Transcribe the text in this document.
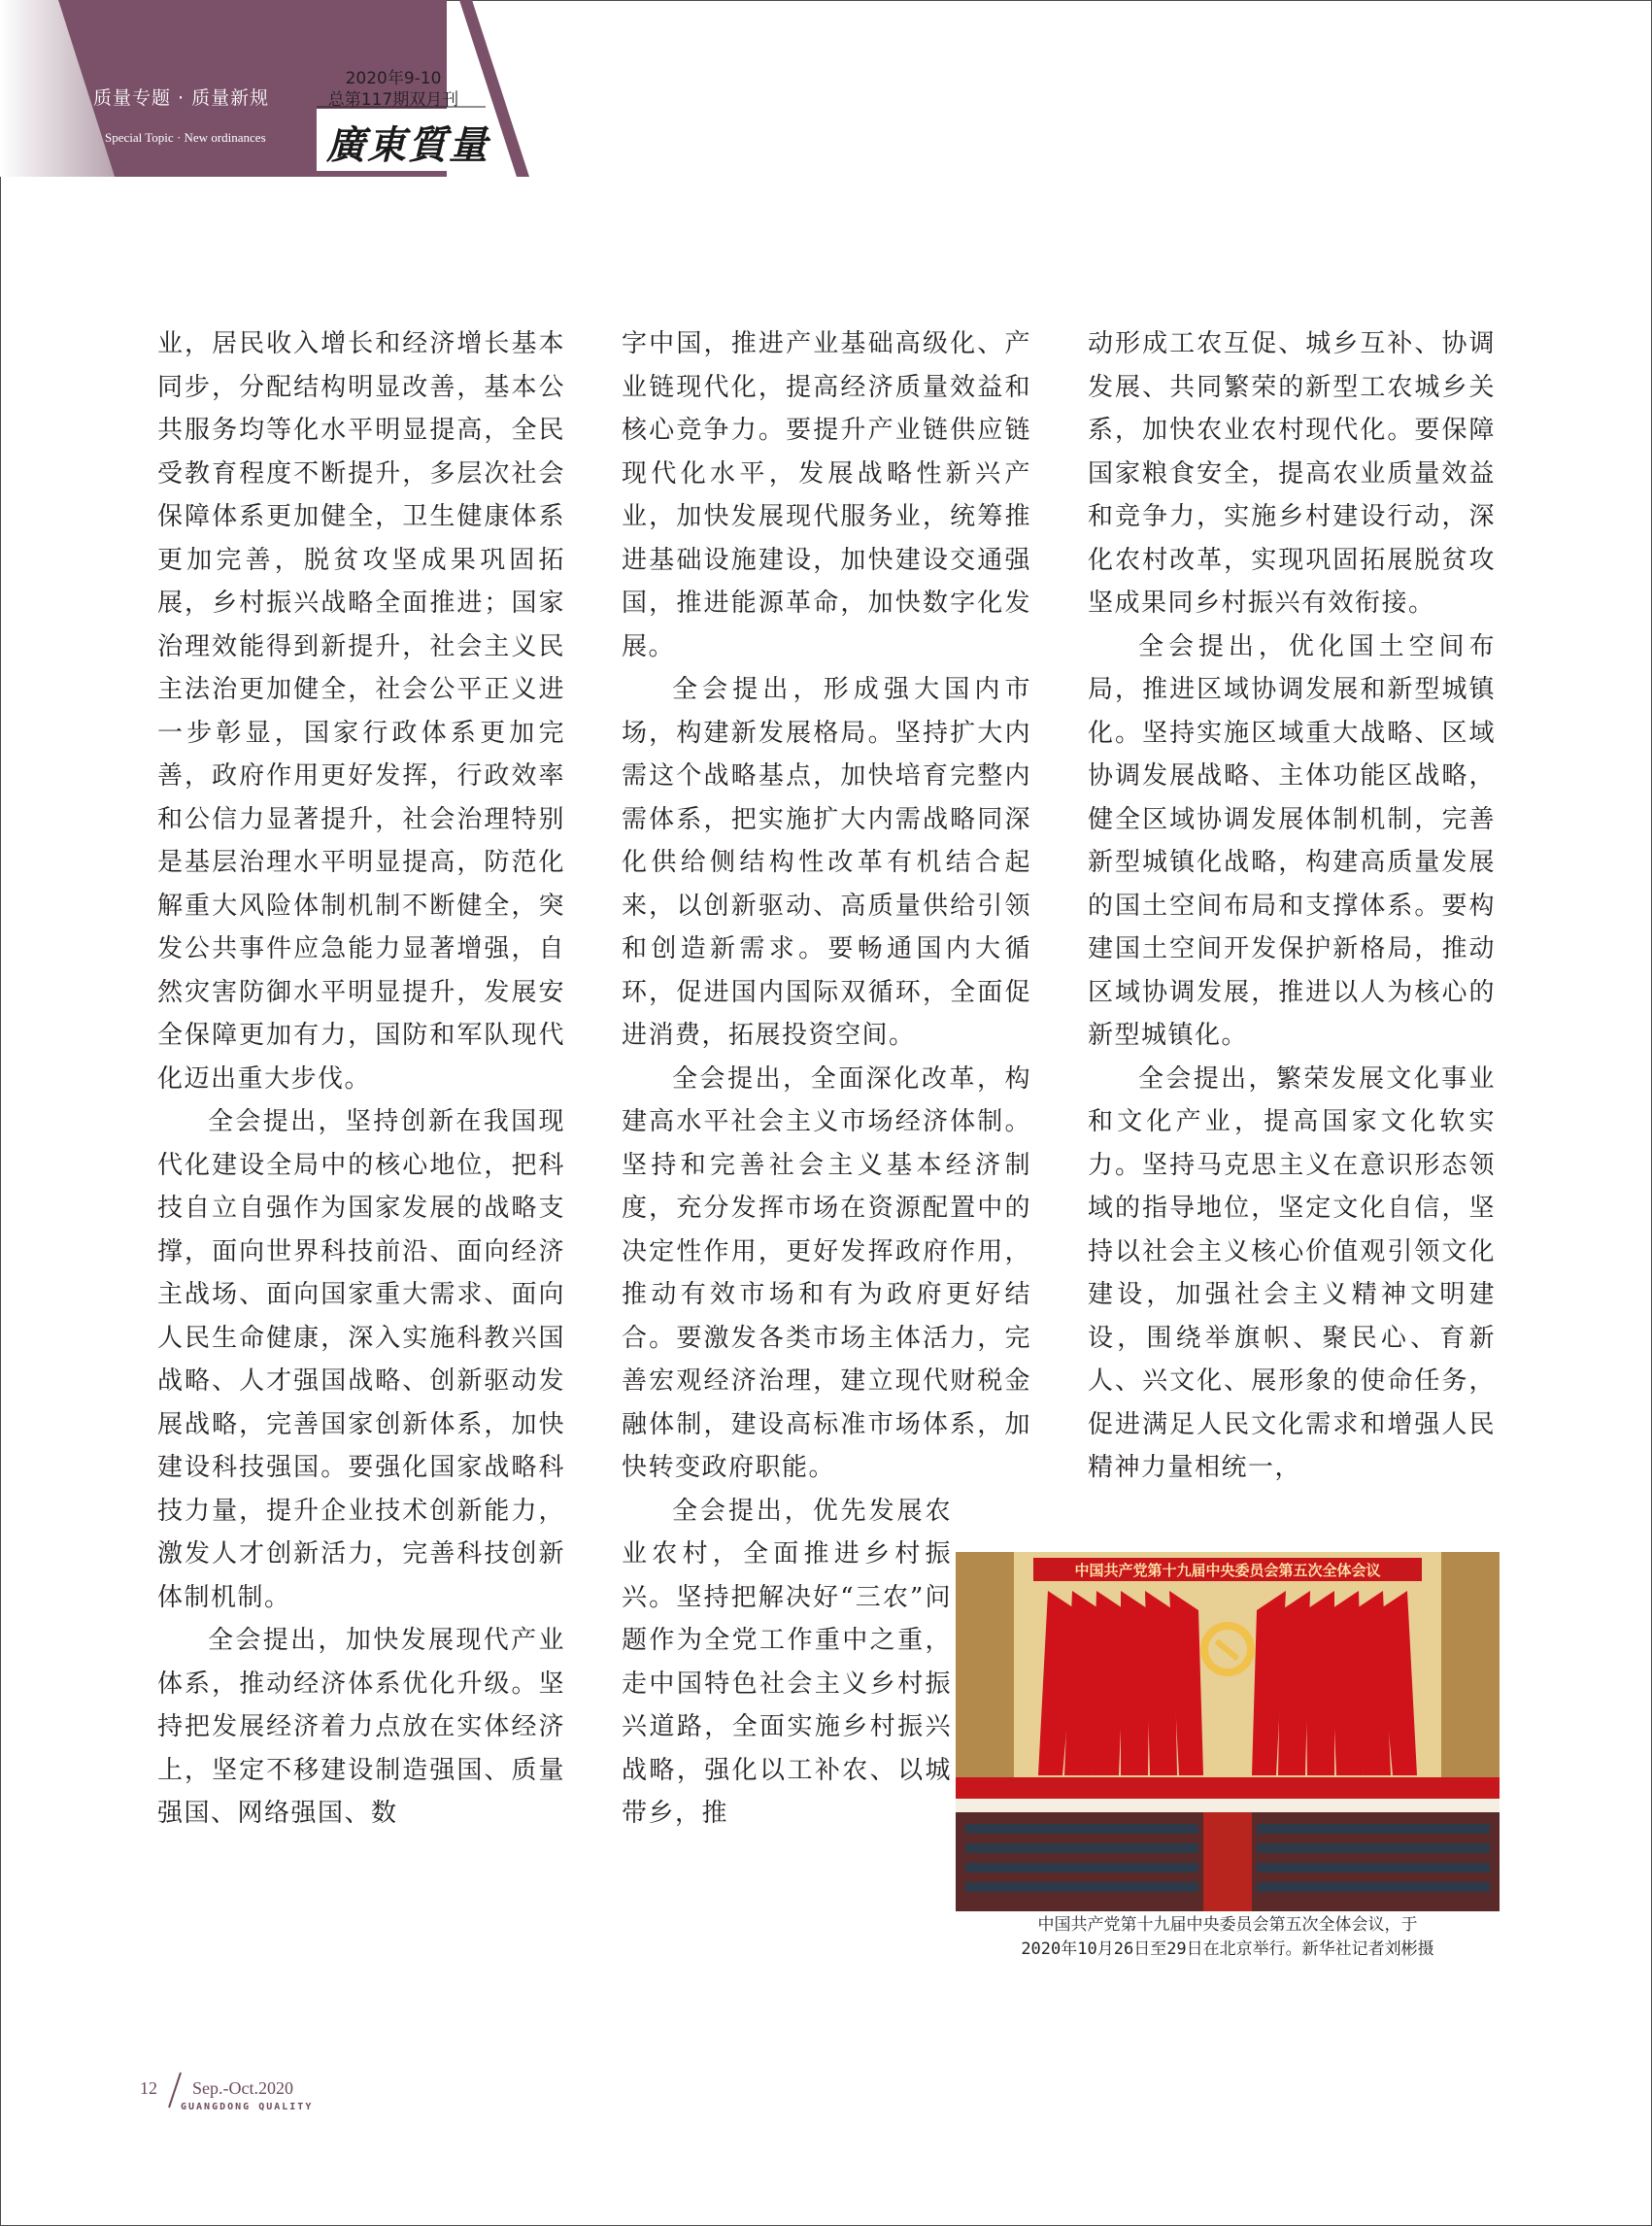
质量专题 · 质量新规
Special Topic · New ordinances
2020年9-10
总第117期双月刊
廣東質量

业，居民收入增长和经济增长基本同步，分配结构明显改善，基本公共服务均等化水平明显提高，全民受教育程度不断提升，多层次社会保障体系更加健全，卫生健康体系更加完善，脱贫攻坚成果巩固拓展，乡村振兴战略全面推进；国家治理效能得到新提升，社会主义民主法治更加健全，社会公平正义进一步彰显，国家行政体系更加完善，政府作用更好发挥，行政效率和公信力显著提升，社会治理特别是基层治理水平明显提高，防范化解重大风险体制机制不断健全，突发公共事件应急能力显著增强，自然灾害防御水平明显提升，发展安全保障更加有力，国防和军队现代化迈出重大步伐。

全会提出，坚持创新在我国现代化建设全局中的核心地位，把科技自立自强作为国家发展的战略支撑，面向世界科技前沿、面向经济主战场、面向国家重大需求、面向人民生命健康，深入实施科教兴国战略、人才强国战略、创新驱动发展战略，完善国家创新体系，加快建设科技强国。要强化国家战略科技力量，提升企业技术创新能力，激发人才创新活力，完善科技创新体制机制。

全会提出，加快发展现代产业体系，推动经济体系优化升级。坚持把发展经济着力点放在实体经济上，坚定不移建设制造强国、质量强国、网络强国、数

字中国，推进产业基础高级化、产业链现代化，提高经济质量效益和核心竞争力。要提升产业链供应链现代化水平，发展战略性新兴产业，加快发展现代服务业，统筹推进基础设施建设，加快建设交通强国，推进能源革命，加快数字化发展。

全会提出，形成强大国内市场，构建新发展格局。坚持扩大内需这个战略基点，加快培育完整内需体系，把实施扩大内需战略同深化供给侧结构性改革有机结合起来，以创新驱动、高质量供给引领和创造新需求。要畅通国内大循环，促进国内国际双循环，全面促进消费，拓展投资空间。

全会提出，全面深化改革，构建高水平社会主义市场经济体制。坚持和完善社会主义基本经济制度，充分发挥市场在资源配置中的决定性作用，更好发挥政府作用，推动有效市场和有为政府更好结合。要激发各类市场主体活力，完善宏观经济治理，建立现代财税金融体制，建设高标准市场体系，加快转变政府职能。

全会提出，优先发展农业农村，全面推进乡村振兴。坚持把解决好“三农”问题作为全党工作重中之重，走中国特色社会主义乡村振兴道路，全面实施乡村振兴战略，强化以工补农、以城带乡，推

动形成工农互促、城乡互补、协调发展、共同繁荣的新型工农城乡关系，加快农业农村现代化。要保障国家粮食安全，提高农业质量效益和竞争力，实施乡村建设行动，深化农村改革，实现巩固拓展脱贫攻坚成果同乡村振兴有效衔接。

全会提出，优化国土空间布局，推进区域协调发展和新型城镇化。坚持实施区域重大战略、区域协调发展战略、主体功能区战略，健全区域协调发展体制机制，完善新型城镇化战略，构建高质量发展的国土空间布局和支撑体系。要构建国土空间开发保护新格局，推动区域协调发展，推进以人为核心的新型城镇化。

全会提出，繁荣发展文化事业和文化产业，提高国家文化软实力。坚持马克思主义在意识形态领域的指导地位，坚定文化自信，坚持以社会主义核心价值观引领文化建设，加强社会主义精神文明建设，围绕举旗帜、聚民心、育新人、兴文化、展形象的使命任务，促进满足人民文化需求和增强人民精神力量相统一，

中国共产党第十九届中央委员会第五次全体会议
中国共产党第十九届中央委员会第五次全体会议，于
2020年10月26日至29日在北京举行。新华社记者刘彬摄
12 Sep.-Oct.2020
GUANGDONG QUALITY
